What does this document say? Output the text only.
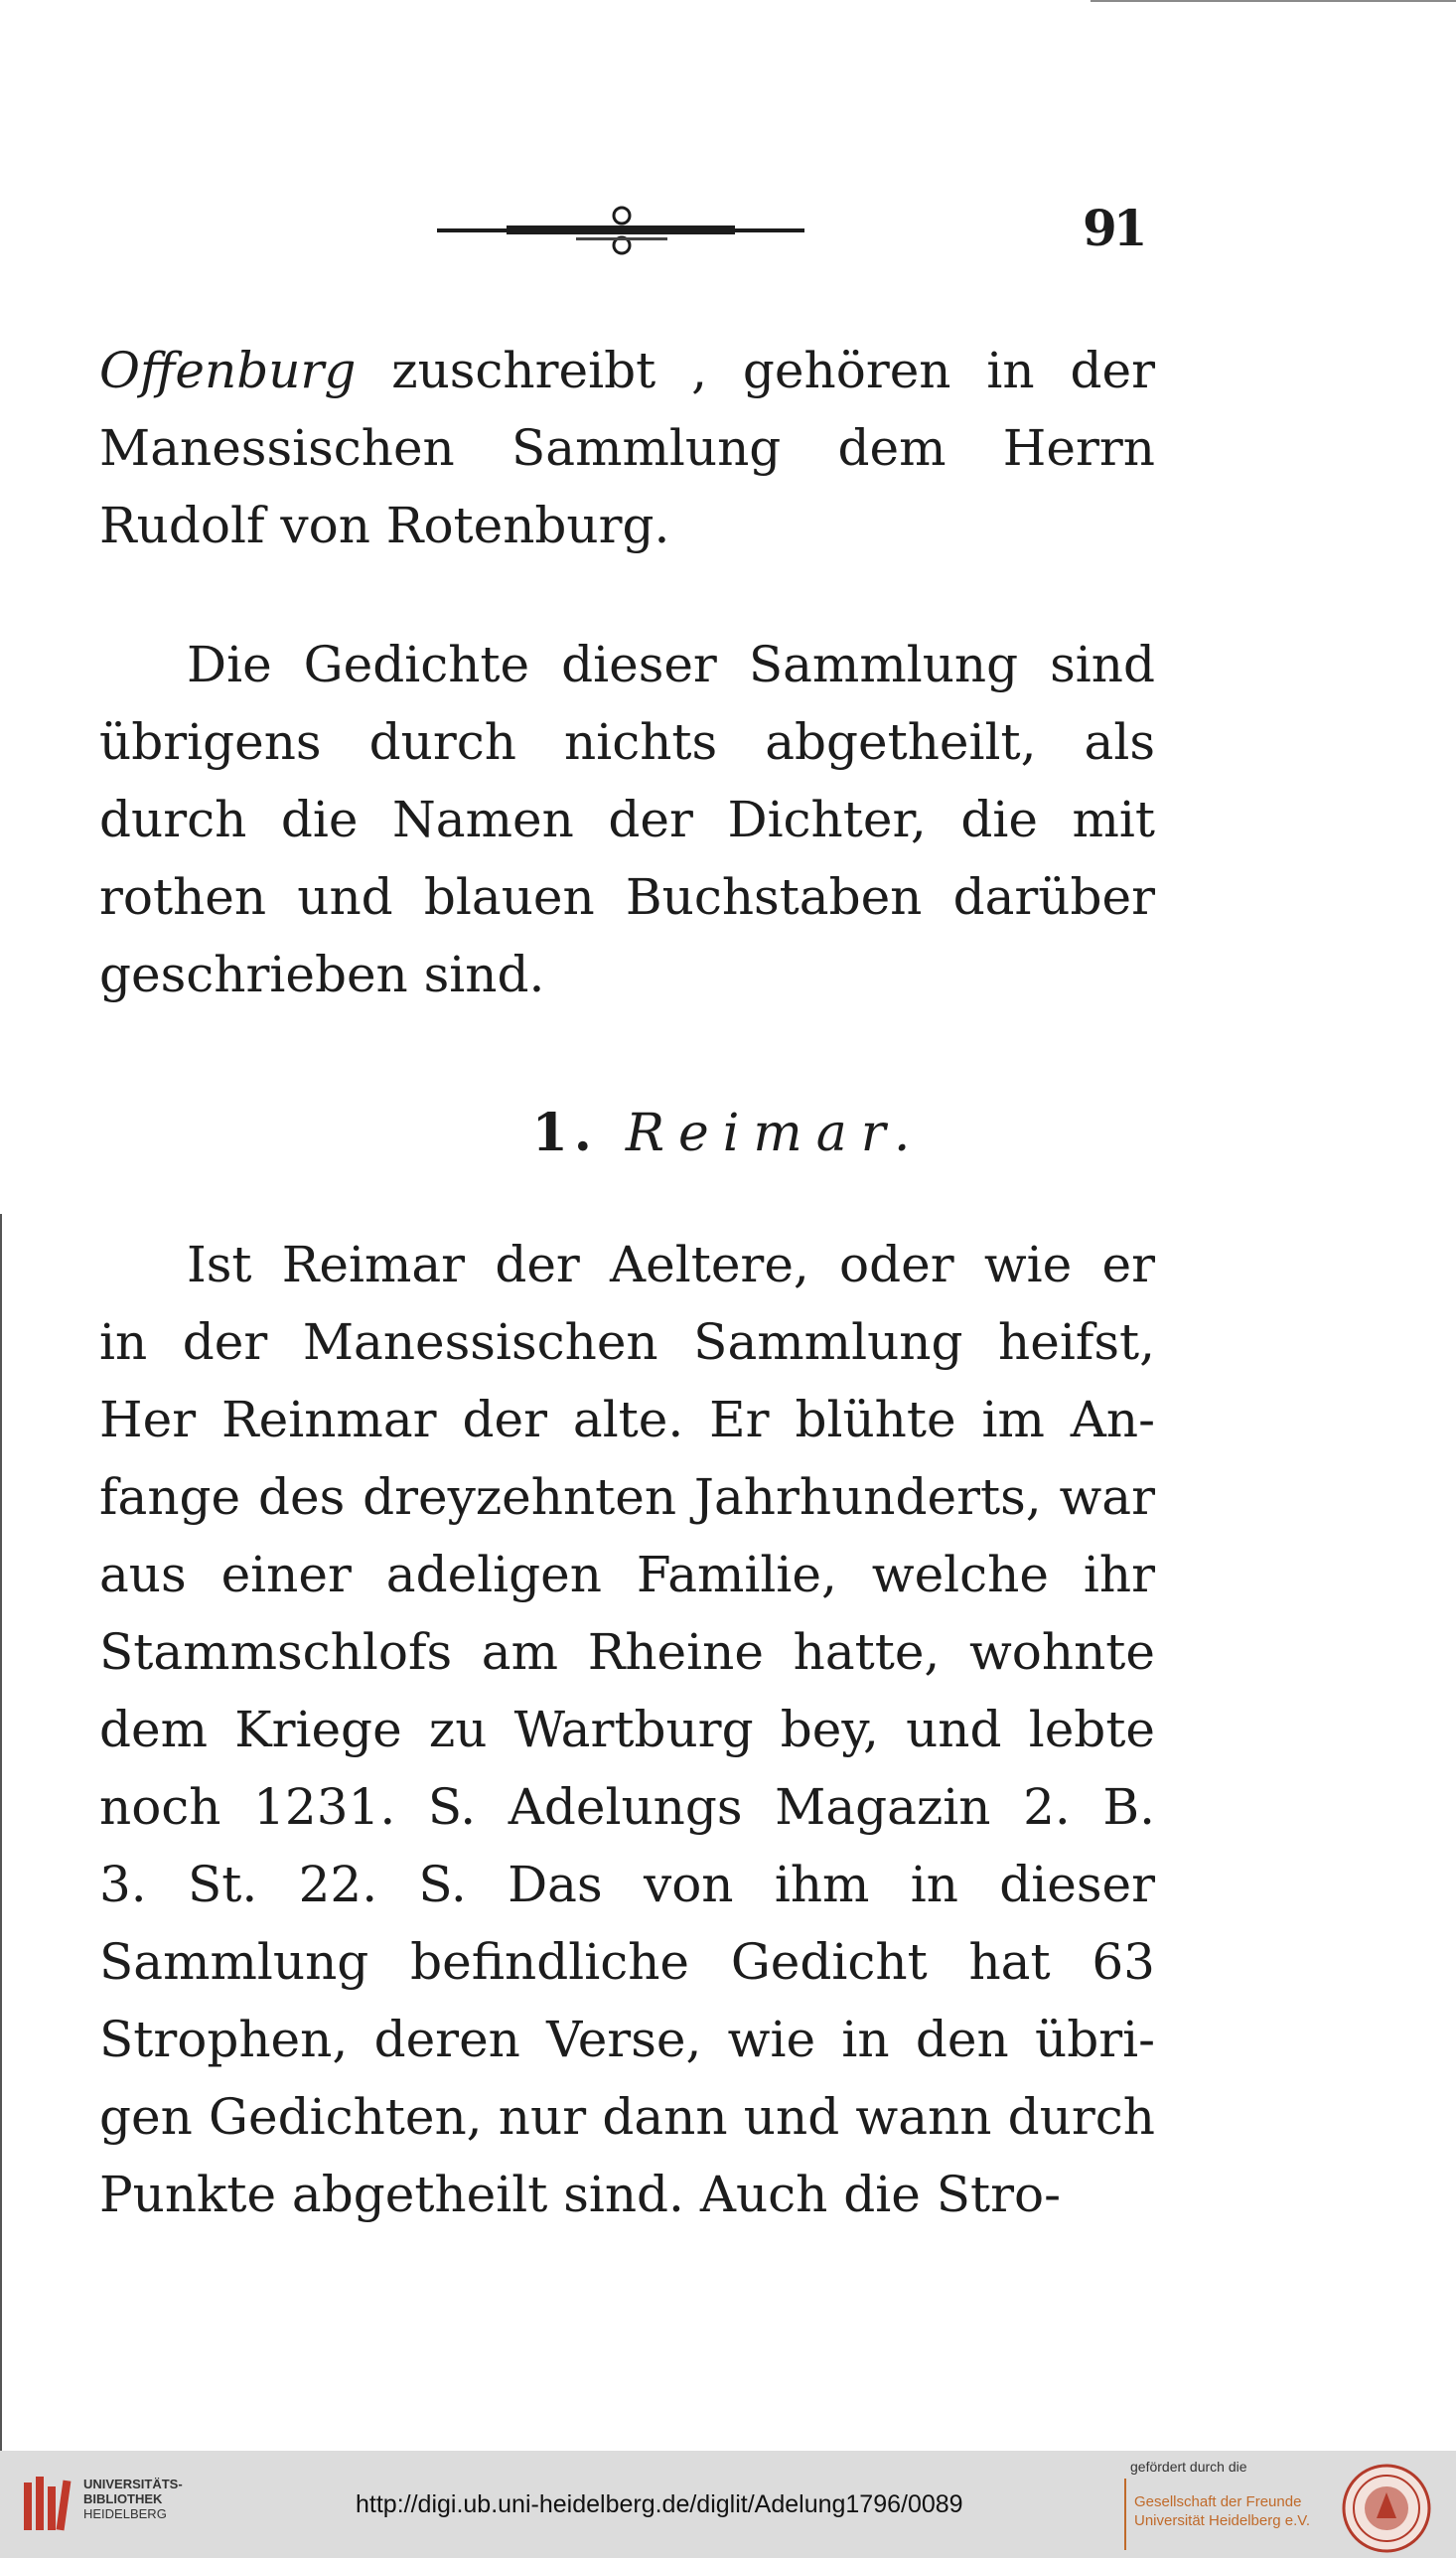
91
Offenburg zuschreibt , gehören in der
Manessischen Sammlung dem Herrn
Rudolf von Rotenburg.
Die Gedichte dieser Sammlung sind
übrigens durch nichts abgetheilt, als
durch die Namen der Dichter, die mit
rothen und blauen Buchstaben darüber
geschrieben sind.
1. Reimar.
Ist Reimar der Aeltere, oder wie er
in der Manessischen Sammlung heifst,
Her Reinmar der alte. Er blühte im An-
fange des dreyzehnten Jahrhunderts, war
aus einer adeligen Familie, welche ihr
Stammschlofs am Rheine hatte, wohnte
dem Kriege zu Wartburg bey, und lebte
noch 1231. S. Adelungs Magazin 2. B.
3. St. 22. S. Das von ihm in dieser
Sammlung befindliche Gedicht hat 63
Strophen, deren Verse, wie in den übri-
gen Gedichten, nur dann und wann durch
Punkte abgetheilt sind. Auch die Stro-
UNIVERSITÄTS-
BIBLIOTHEK
HEIDELBERG	http://digi.ub.uni-heidelberg.de/diglit/Adelung1796/0089
gefördert durch die
Gesellschaft der Freunde
Universität Heidelberg e.V.
